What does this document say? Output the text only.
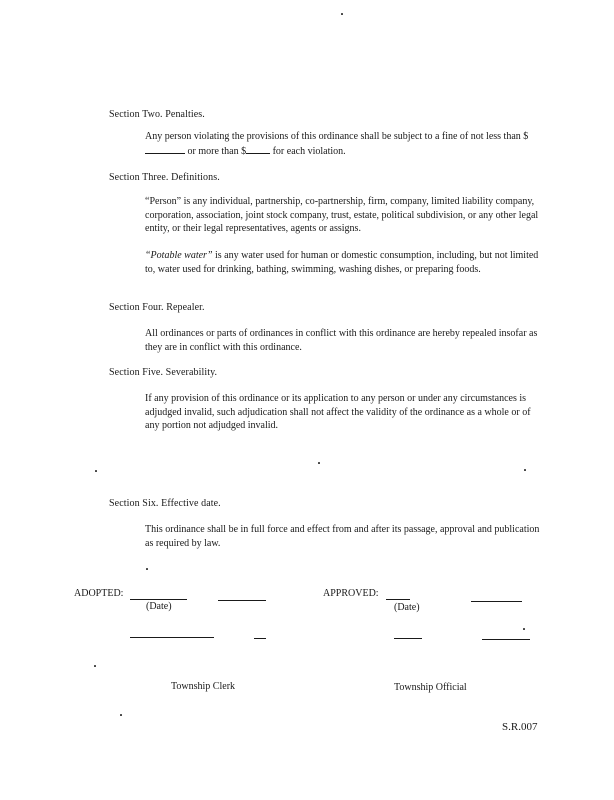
Section Two. Penalties.
Any person violating the provisions of this ordinance shall be subject to a fine of not less than $  or more than $	for each violation.
Section Three. Definitions.
“Person” is any individual, partnership, co-partnership, firm, company, limited liability company, corporation, association, joint stock company, trust, estate, political subdivision, or any other legal entity, or their legal representatives, agents or assigns.
“Potable water” is any water used for human or domestic consumption, including, but not limited to, water used for drinking, bathing, swimming, washing dishes, or preparing foods.
Section Four. Repealer.
All ordinances or parts of ordinances in conflict with this ordinance are hereby repealed insofar as they are in conflict with this ordinance.
Section Five. Severability.
If any provision of this ordinance or its application to any person or under any circumstances is adjudged invalid, such adjudication shall not affect the validity of the ordinance as a whole or of any portion not adjudged invalid.
Section Six. Effective date.
This ordinance shall be in full force and effect from and after its passage, approval and publication as required by law.
ADOPTED:
(Date)
APPROVED:
(Date)
Township Clerk	Township Official
S.R.007
